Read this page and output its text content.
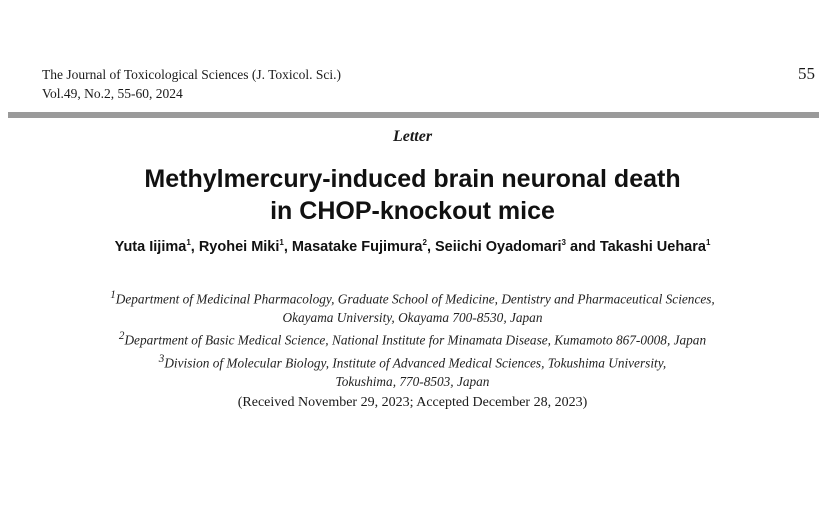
The Journal of Toxicological Sciences (J. Toxicol. Sci.)
Vol.49, No.2, 55-60, 2024
55
Letter
Methylmercury-induced brain neuronal death
in CHOP-knockout mice
Yuta Iijima$^1$, Ryohei Miki$^1$, Masatake Fujimura$^2$, Seiichi Oyadomari$^3$ and Takashi Uehara$^1$
$^1$Department of Medicinal Pharmacology, Graduate School of Medicine, Dentistry and Pharmaceutical Sciences,
Okayama University, Okayama 700-8530, Japan
$^2$Department of Basic Medical Science, National Institute for Minamata Disease, Kumamoto 867-0008, Japan
$^3$Division of Molecular Biology, Institute of Advanced Medical Sciences, Tokushima University,
Tokushima, 770-8503, Japan
(Received November 29, 2023; Accepted December 28, 2023)
